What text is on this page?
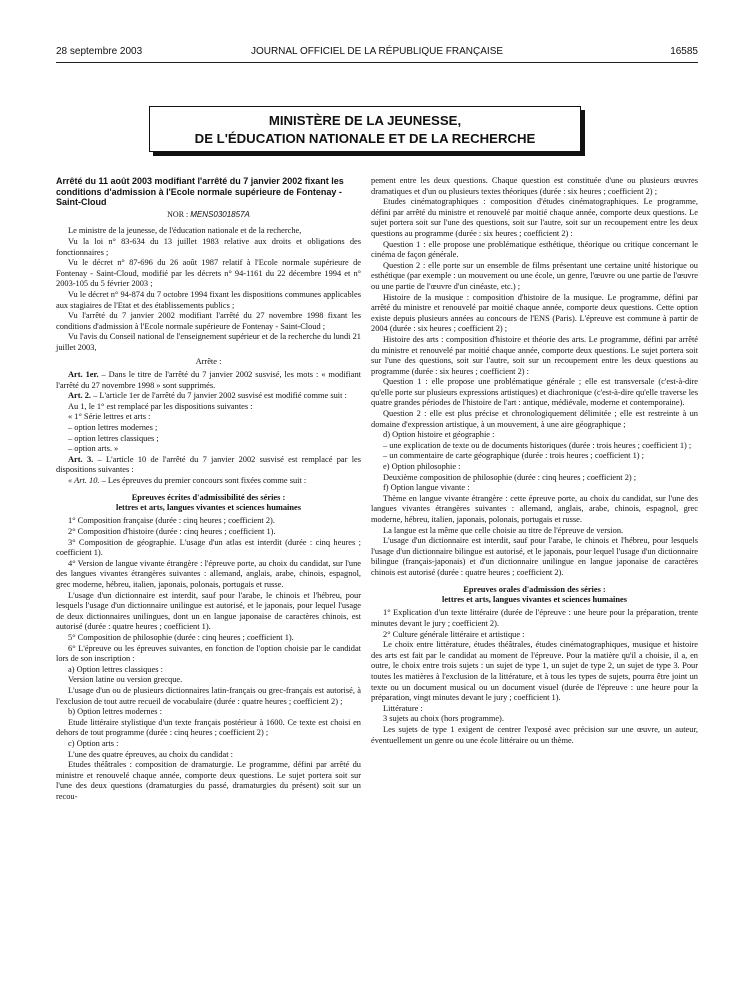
28 septembre 2003	JOURNAL OFFICIEL DE LA RÉPUBLIQUE FRANÇAISE	16585
MINISTÈRE DE LA JEUNESSE,
DE L'ÉDUCATION NATIONALE ET DE LA RECHERCHE

Arrêté du 11 août 2003 modifiant l'arrêté du 7 janvier 2002 fixant les conditions d'admission à l'Ecole normale supérieure de Fontenay - Saint-Cloud

NOR : MENS0301857A

Le ministre de la jeunesse, de l'éducation nationale et de la recherche,

Vu la loi n° 83-634 du 13 juillet 1983 relative aux droits et obligations des fonctionnaires ;

Vu le décret n° 87-696 du 26 août 1987 relatif à l'Ecole normale supérieure de Fontenay - Saint-Cloud, modifié par les décrets n° 94-1161 du 22 décembre 1994 et n° 2003-105 du 5 février 2003 ;

Vu le décret n° 94-874 du 7 octobre 1994 fixant les dispositions communes applicables aux stagiaires de l'Etat et des établissements publics ;

Vu l'arrêté du 7 janvier 2002 modifiant l'arrêté du 27 novembre 1998 fixant les conditions d'admission à l'Ecole normale supérieure de Fontenay - Saint-Cloud ;

Vu l'avis du Conseil national de l'enseignement supérieur et de la recherche du lundi 21 juillet 2003,

Arrête :

Art. 1er. – Dans le titre de l'arrêté du 7 janvier 2002 susvisé, les mots : « modifiant l'arrêté du 27 novembre 1998 » sont supprimés.

Art. 2. – L'article 1er de l'arrêté du 7 janvier 2002 susvisé est modifié comme suit :

Au 1, le 1° est remplacé par les dispositions suivantes :

« 1° Série lettres et arts :

– option lettres modernes ;

– option lettres classiques ;

– option arts. »

Art. 3. – L'article 10 de l'arrêté du 7 janvier 2002 susvisé est remplacé par les dispositions suivantes :

« Art. 10. – Les épreuves du premier concours sont fixées comme suit :

Epreuves écrites d'admissibilité des séries :
lettres et arts, langues vivantes et sciences humaines

1° Composition française (durée : cinq heures ; coefficient 2).

2° Composition d'histoire (durée : cinq heures ; coefficient 1).

3° Composition de géographie. L'usage d'un atlas est interdit (durée : cinq heures ; coefficient 1).

4° Version de langue vivante étrangère : l'épreuve porte, au choix du candidat, sur l'une des langues vivantes étrangères suivantes : allemand, anglais, arabe, chinois, espagnol, grec moderne, hébreu, italien, japonais, polonais, portugais et russe.

L'usage d'un dictionnaire est interdit, sauf pour l'arabe, le chinois et l'hébreu, pour lesquels l'usage d'un dictionnaire unilingue est autorisé, et le japonais, pour lequel l'usage de deux dictionnaires unilingues, dont un en langue japonaise de caractères chinois, est autorisé (durée : quatre heures ; coefficient 1).

5° Composition de philosophie (durée : cinq heures ; coefficient 1).

6° L'épreuve ou les épreuves suivantes, en fonction de l'option choisie par le candidat lors de son inscription :

a) Option lettres classiques :

Version latine ou version grecque.

L'usage d'un ou de plusieurs dictionnaires latin-français ou grec-français est autorisé, à l'exclusion de tout autre recueil de vocabulaire (durée : quatre heures ; coefficient 2) ;

b) Option lettres modernes :

Etude littéraire stylistique d'un texte français postérieur à 1600. Ce texte est choisi en dehors de tout programme (durée : cinq heures ; coefficient 2) ;

c) Option arts :

L'une des quatre épreuves, au choix du candidat :

Etudes théâtrales : composition de dramaturgie. Le programme, défini par arrêté du ministre et renouvelé chaque année, comporte deux questions. Le sujet portera soit sur l'une des deux questions (dramaturgies du passé, dramaturgies du présent) soit sur un recou-

pement entre les deux questions. Chaque question est constituée d'une ou plusieurs œuvres dramatiques et d'un ou plusieurs textes théoriques (durée : six heures ; coefficient 2) ;

Etudes cinématographiques : composition d'études cinématographiques. Le programme, défini par arrêté du ministre et renouvelé par moitié chaque année, comporte deux questions. Le sujet portera soit sur l'une des questions, soit sur l'autre, soit sur un recoupement entre les deux questions au programme (durée : six heures ; coefficient 2) :

Question 1 : elle propose une problématique esthétique, théorique ou critique concernant le cinéma de façon générale.

Question 2 : elle porte sur un ensemble de films présentant une certaine unité historique ou esthétique (par exemple : un mouvement ou une école, un genre, l'œuvre ou une partie de l'œuvre ou une partie de l'œuvre d'un cinéaste, etc.) ;

Histoire de la musique : composition d'histoire de la musique. Le programme, défini par arrêté du ministre et renouvelé par moitié chaque année, comporte deux questions. Cette option existe depuis plusieurs années au concours de l'ENS (Paris). L'épreuve est commune à partir de 2004 (durée : six heures ; coefficient 2) ;

Histoire des arts : composition d'histoire et théorie des arts. Le programme, défini par arrêté du ministre et renouvelé par moitié chaque année, comporte deux questions. Le sujet portera soit sur l'une des questions, soit sur l'autre, soit sur un recoupement entre les deux questions au programme (durée : six heures ; coefficient 2) :

Question 1 : elle propose une problématique générale ; elle est transversale (c'est-à-dire qu'elle porte sur plusieurs expressions artistiques) et diachronique (c'est-à-dire qu'elle traverse les quatre grandes périodes de l'histoire de l'art : antique, médiévale, moderne et contemporaine).

Question 2 : elle est plus précise et chronologiquement délimitée ; elle est restreinte à un domaine d'expression artistique, à un mouvement, à une aire géographique ;

d) Option histoire et géographie :

– une explication de texte ou de documents historiques (durée : trois heures ; coefficient 1) ;

– un commentaire de carte géographique (durée : trois heures ; coefficient 1) ;

e) Option philosophie :

Deuxième composition de philosophie (durée : cinq heures ; coefficient 2) ;

f) Option langue vivante :

Thème en langue vivante étrangère : cette épreuve porte, au choix du candidat, sur l'une des langues vivantes étrangères suivantes : allemand, anglais, arabe, chinois, espagnol, grec moderne, hébreu, italien, japonais, polonais, portugais et russe.

La langue est la même que celle choisie au titre de l'épreuve de version.

L'usage d'un dictionnaire est interdit, sauf pour l'arabe, le chinois et l'hébreu, pour lesquels l'usage d'un dictionnaire bilingue est autorisé, et le japonais, pour lequel l'usage d'un dictionnaire bilingue (français-japonais) et d'un dictionnaire unilingue en langue japonaise de caractères chinois est autorisé (durée : quatre heures ; coefficient 2).

Epreuves orales d'admission des séries :
lettres et arts, langues vivantes et sciences humaines

1° Explication d'un texte littéraire (durée de l'épreuve : une heure pour la préparation, trente minutes devant le jury ; coefficient 2).

2° Culture générale littéraire et artistique :

Le choix entre littérature, études théâtrales, études cinématographiques, musique et histoire des arts est fait par le candidat au moment de l'épreuve. Pour la matière qu'il a choisie, il a, en outre, le choix entre trois sujets : un sujet de type 1, un sujet de type 2, un sujet de type 3. Pour toutes les matières à l'exclusion de la littérature, et à tous les types de sujets, pourra être joint un texte ou un document musical ou un document visuel (durée de l'épreuve : une heure pour la préparation, vingt minutes devant le jury ; coefficient 1).

Littérature :

3 sujets au choix (hors programme).

Les sujets de type 1 exigent de centrer l'exposé avec précision sur une œuvre, un auteur, éventuellement un genre ou une école littéraire ou un thème.
